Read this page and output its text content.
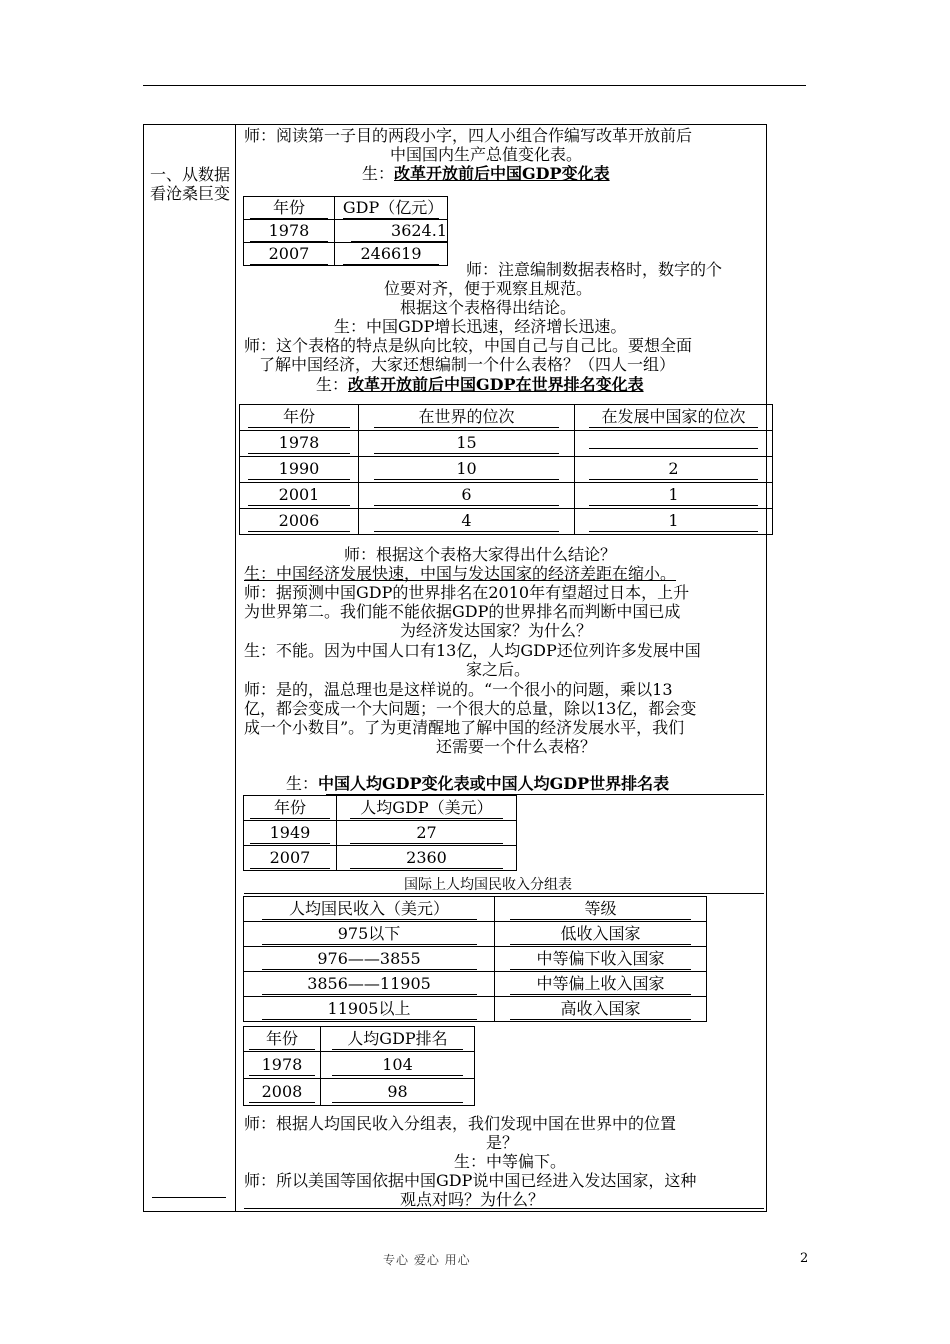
一、从数据看沧桑巨变
师：阅读第一子目的两段小字，四人小组合作编写改革开放前后
中国国内生产总值变化表。
生：改革开放前后中国GDP变化表
年份	GDP（亿元）
1978	3624.1
2007	246619
师：注意编制数据表格时，数字的个
位要对齐，便于观察且规范。
根据这个表格得出结论。
生：中国GDP增长迅速，经济增长迅速。
师：这个表格的特点是纵向比较，中国自己与自己比。要想全面
了解中国经济，大家还想编制一个什么表格？（四人一组）
生：改革开放前后中国GDP在世界排名变化表
年份	在世界的位次	在发展中国家的位次
1978	15	
1990	10	2
2001	6	1
2006	4	1
师：根据这个表格大家得出什么结论？
生：中国经济发展快速，中国与发达国家的经济差距在缩小。
师：据预测中国GDP的世界排名在2010年有望超过日本，上升
为世界第二。我们能不能依据GDP的世界排名而判断中国已成
为经济发达国家？为什么？
生：不能。因为中国人口有13亿，人均GDP还位列许多发展中国
家之后。
师：是的，温总理也是这样说的。“一个很小的问题，乘以13
亿，都会变成一个大问题；一个很大的总量，除以13亿，都会变
成一个小数目”。了为更清醒地了解中国的经济发展水平，我们
还需要一个什么表格？
生：中国人均GDP变化表或中国人均GDP世界排名表
年份	人均GDP（美元）
1949	27
2007	2360
国际上人均国民收入分组表
人均国民收入（美元）	等级
975以下	低收入国家
976——3855	中等偏下收入国家
3856——11905	中等偏上收入国家
11905以上	高收入国家
年份	人均GDP排名
1978	104
2008	98
师：根据人均国民收入分组表，我们发现中国在世界中的位置
是？
生：中等偏下。
师：所以美国等国依据中国GDP说中国已经进入发达国家，这种
观点对吗？为什么？
专心 爱心 用心	2
